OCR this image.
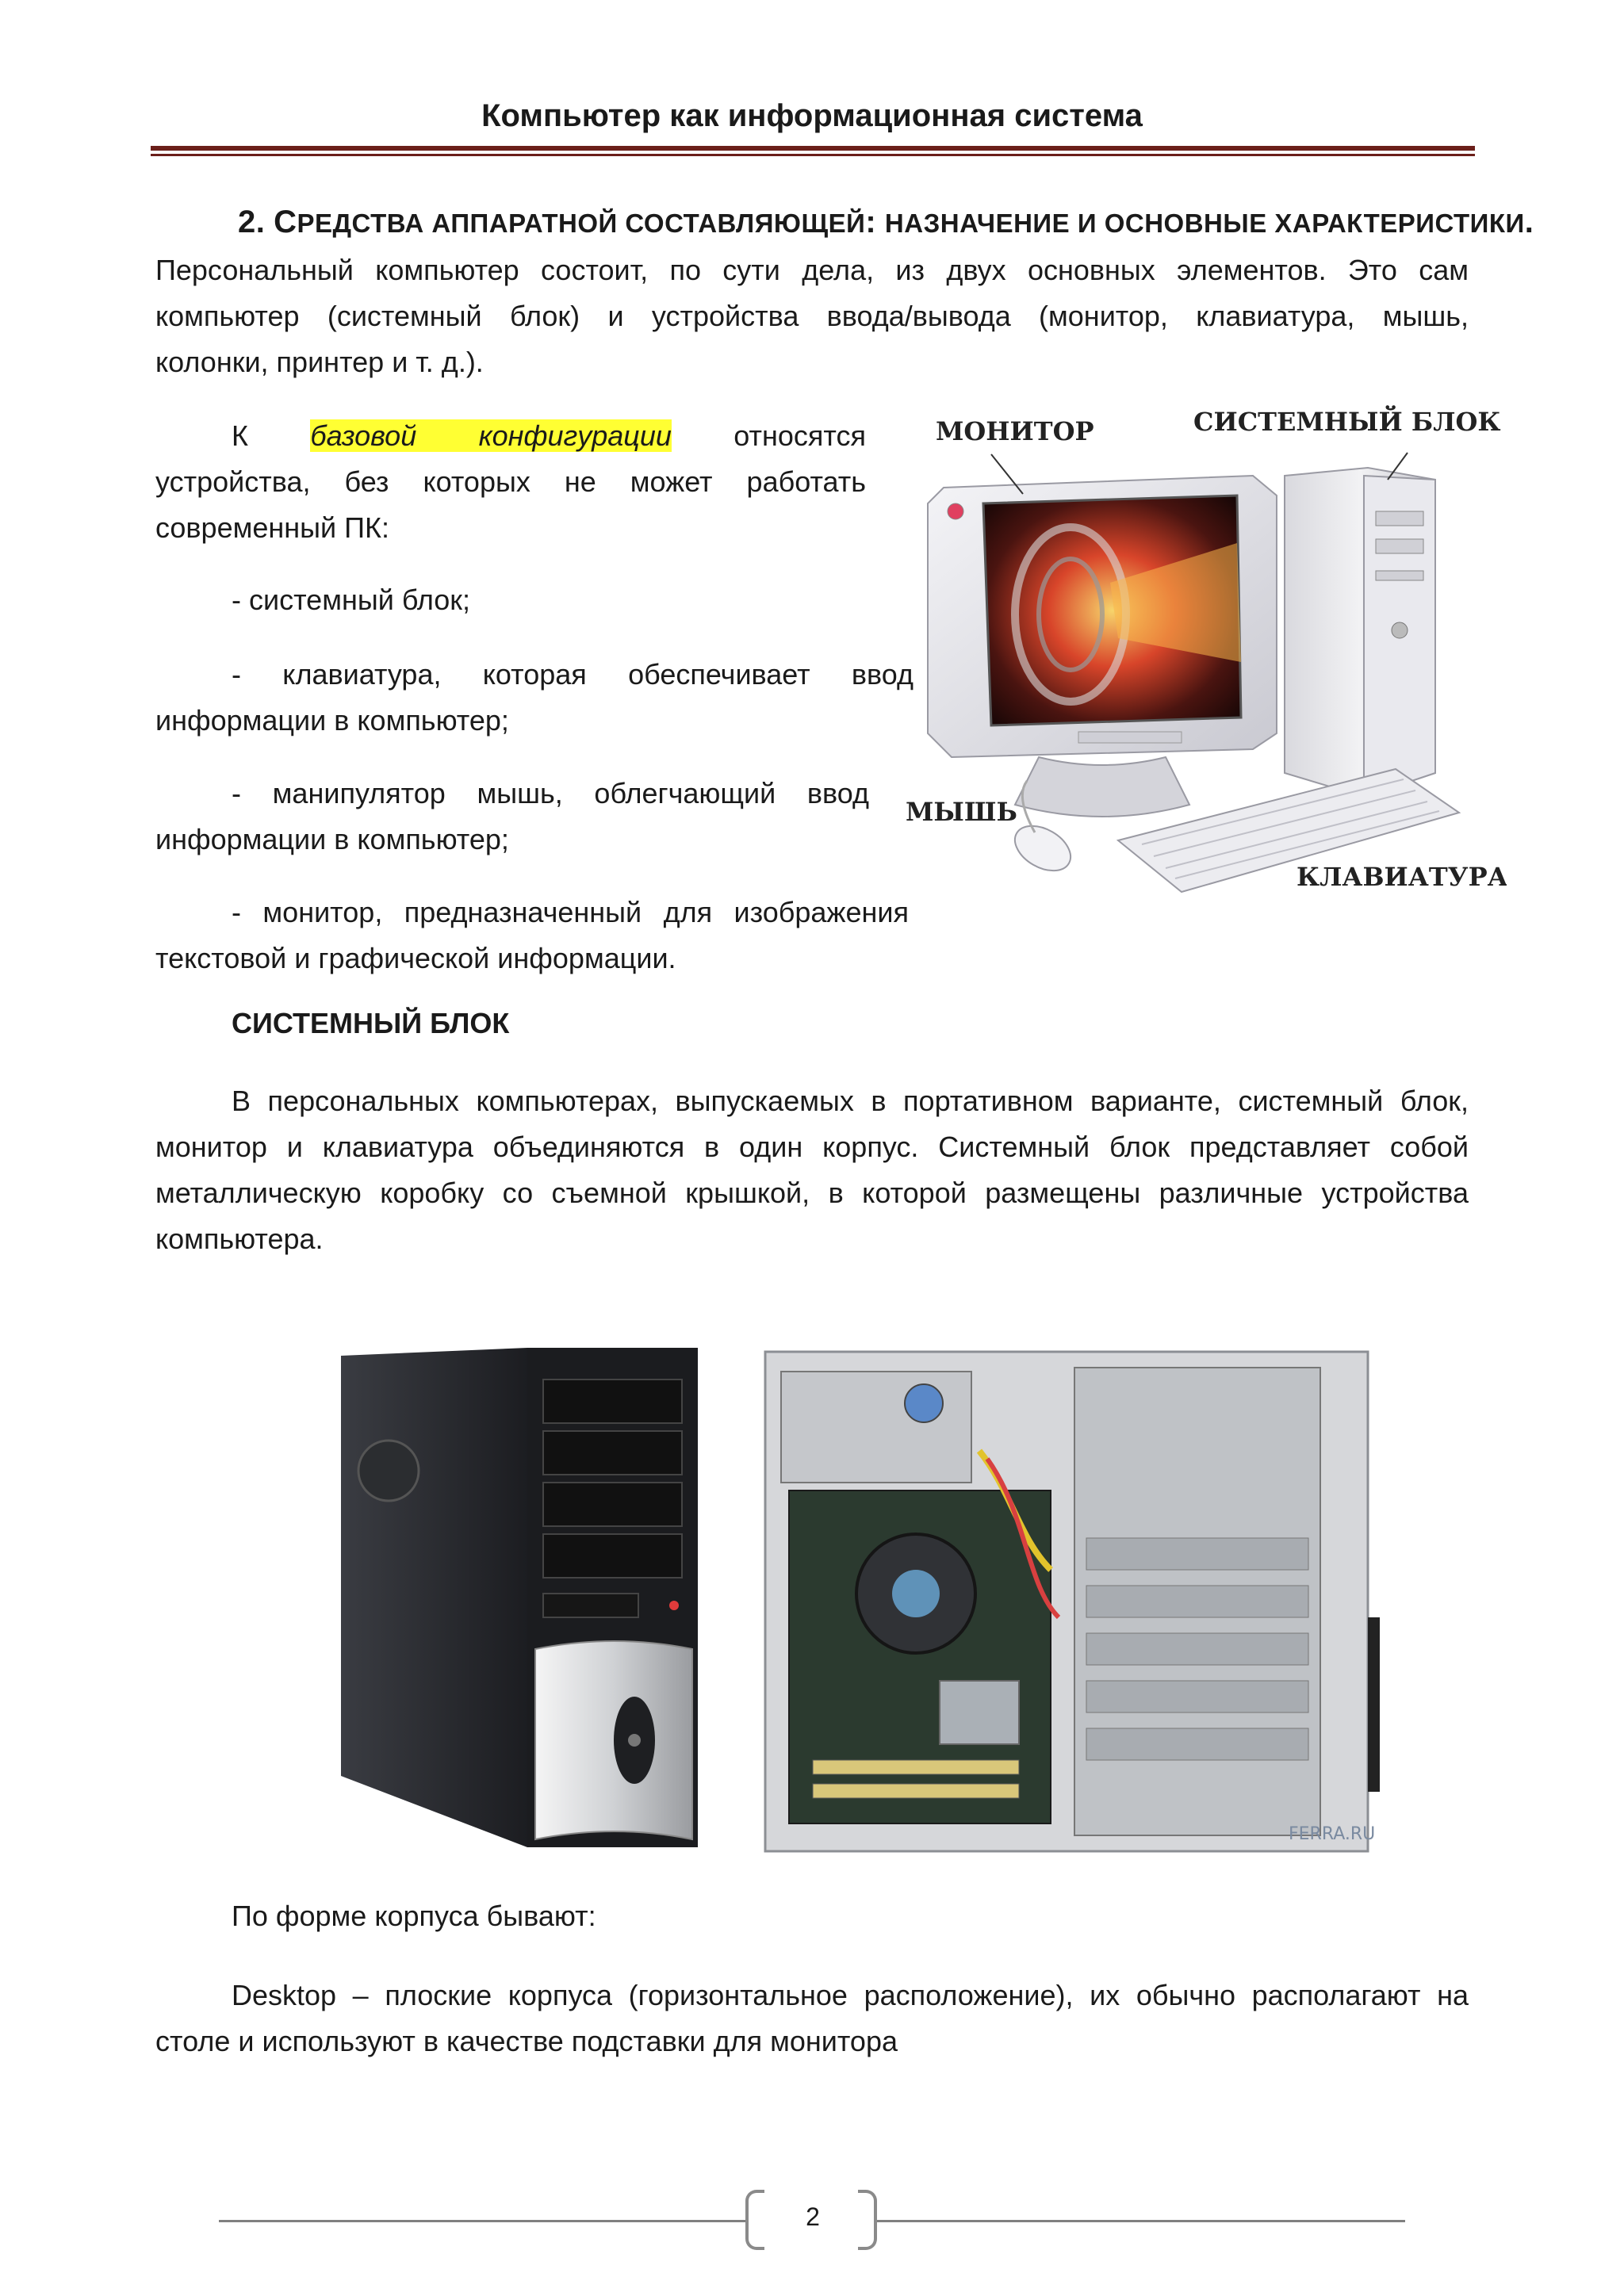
Компьютер как информационная система
2. СРЕДСТВА АППАРАТНОЙ СОСТАВЛЯЮЩЕЙ: НАЗНАЧЕНИЕ И ОСНОВНЫЕ ХАРАКТЕРИСТИКИ.
Персональный компьютер состоит, по сути дела, из двух основных элементов. Это сам
компьютер (системный блок) и устройства ввода/вывода (монитор, клавиатура, мышь,
колонки, принтер и т. д.).
К базовой конфигурации относятся
устройства, без которых не может работать
современный ПК:
- системный блок;
- клавиатура, которая обеспечивает ввод
информации в компьютер;
- манипулятор мышь, облегчающий ввод
информации в компьютер;
- монитор, предназначенный для изображения
текстовой и графической информации.
МОНИТОР	СИСТЕМНЫЙ БЛОК
МЫШЬ
КЛАВИАТУРА
СИСТЕМНЫЙ БЛОК
В персональных компьютерах, выпускаемых в портативном варианте, системный блок,
монитор и клавиатура объединяются в один корпус. Системный блок представляет собой
металлическую коробку со съемной крышкой, в которой размещены различные устройства
компьютера.
FERRA.RU
По форме корпуса бывают:
Desktop – плоские корпуса (горизонтальное расположение), их обычно располагают на
столе и используют в качестве подставки для монитора
2
